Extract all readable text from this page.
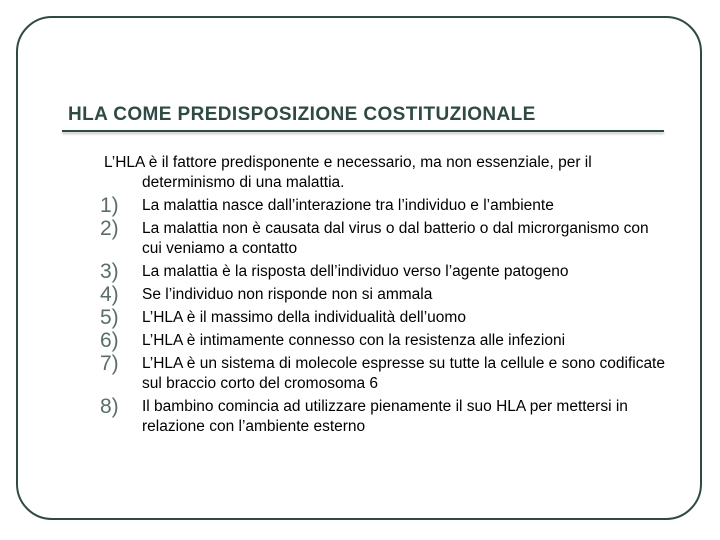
HLA COME PREDISPOSIZIONE COSTITUZIONALE
L’HLA è il fattore predisponente e necessario, ma non essenziale, per il determinismo di una malattia.
1)	La malattia nasce dall’interazione tra l’individuo e l’ambiente
2)	La malattia non è causata dal virus o dal batterio o dal microrganismo con cui veniamo a contatto
3)	La malattia è la risposta dell’individuo verso l’agente patogeno
4)	Se l’individuo non risponde non si ammala
5)	L’HLA è il massimo della individualità dell’uomo
6)	L’HLA è intimamente connesso con la resistenza alle infezioni
7)	L’HLA è un sistema di molecole espresse su tutte la cellule e sono codificate sul braccio corto del cromosoma 6
8)	Il bambino comincia ad utilizzare pienamente il suo HLA per mettersi in relazione con l’ambiente esterno
